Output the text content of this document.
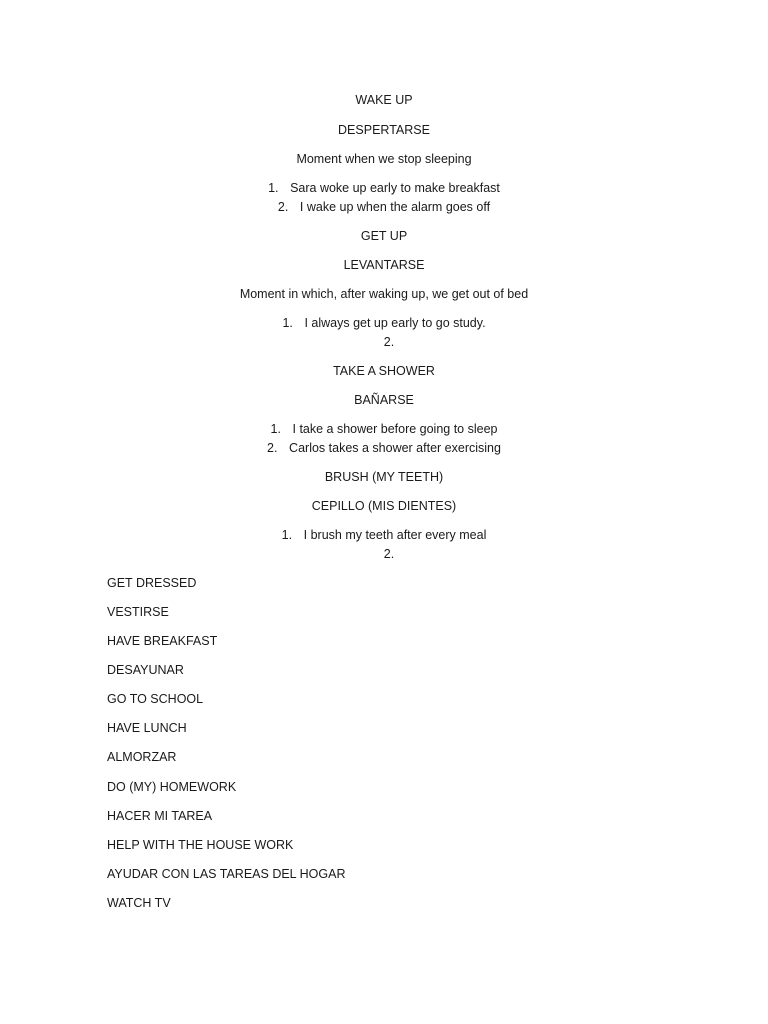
WAKE UP
DESPERTARSE
Moment when we stop sleeping
1. Sara woke up early to make breakfast
2. I wake up when the alarm goes off
GET UP
LEVANTARSE
Moment in which, after waking up, we get out of bed
1. I always get up early to go study.
2.
TAKE A SHOWER
BAÑARSE
1. I take a shower before going to sleep
2. Carlos takes a shower after exercising
BRUSH (MY TEETH)
CEPILLO (MIS DIENTES)
1. I brush my teeth after every meal
2.
GET DRESSED
VESTIRSE
HAVE BREAKFAST
DESAYUNAR
GO TO SCHOOL
HAVE LUNCH
ALMORZAR
DO (MY) HOMEWORK
HACER MI TAREA
HELP WITH THE HOUSE WORK
AYUDAR CON LAS TAREAS DEL HOGAR
WATCH TV
